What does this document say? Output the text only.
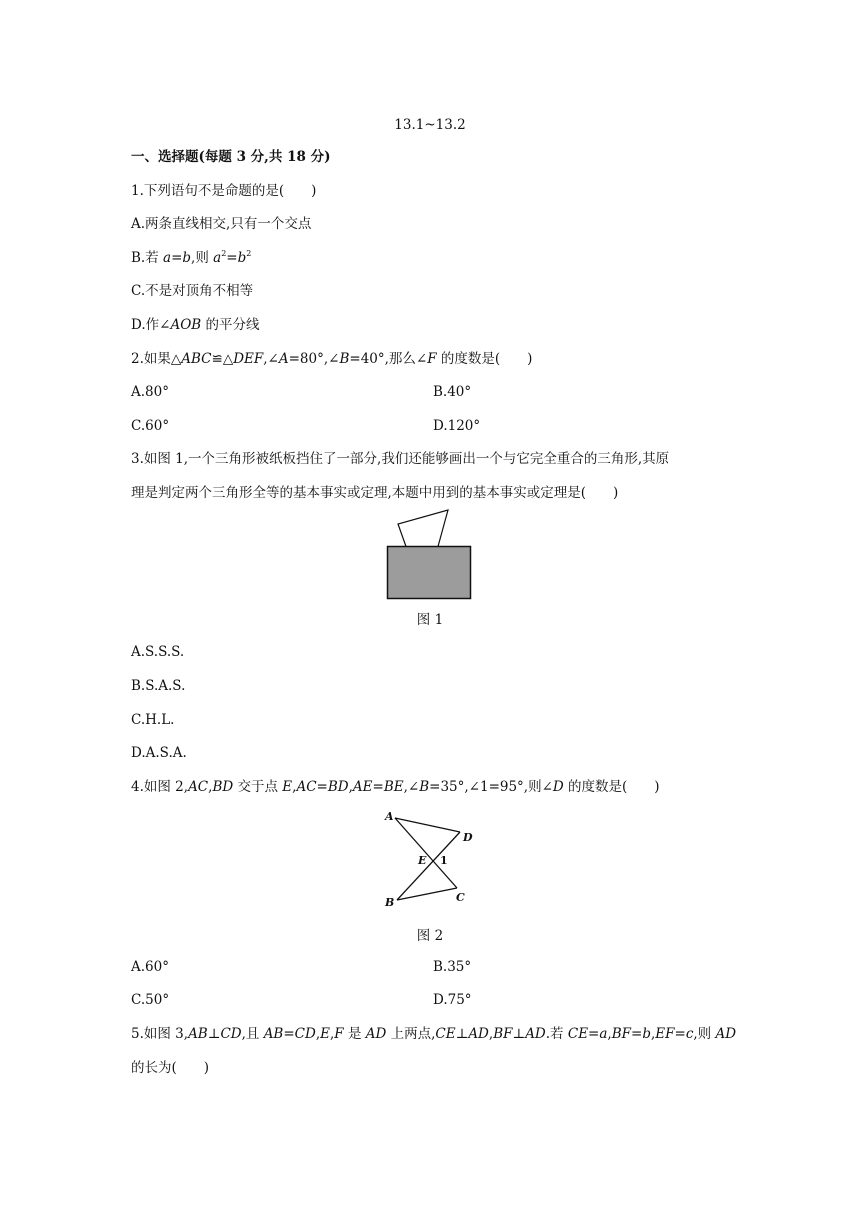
13.1~13.2
一、选择题(每题 3 分,共 18 分)
1.下列语句不是命题的是(　　)
A.两条直线相交,只有一个交点
B.若 a=b,则 $a^2=b^2$
C.不是对顶角不相等
D.作∠AOB 的平分线
2.如果△ABC≌△DEF,∠A=80°,∠B=40°,那么∠F 的度数是(　　)
A.80°	B.40°
C.60°	D.120°
3.如图 1,一个三角形被纸板挡住了一部分,我们还能够画出一个与它完全重合的三角形,其原
理是判定两个三角形全等的基本事实或定理,本题中用到的基本事实或定理是(　　)
图 1
A.S.S.S.
B.S.A.S.
C.H.L.
D.A.S.A.
4.如图 2,AC,BD 交于点 E,AC=BD,AE=BE,∠B=35°,∠1=95°,则∠D 的度数是(　　)
A
D
E 1
B	C
图 2
A.60°	B.35°
C.50°	D.75°
5.如图 3,AB⊥CD,且 AB=CD,E,F 是 AD 上两点,CE⊥AD,BF⊥AD.若 CE=a,BF=b,EF=c,则 AD
的长为(　　)
